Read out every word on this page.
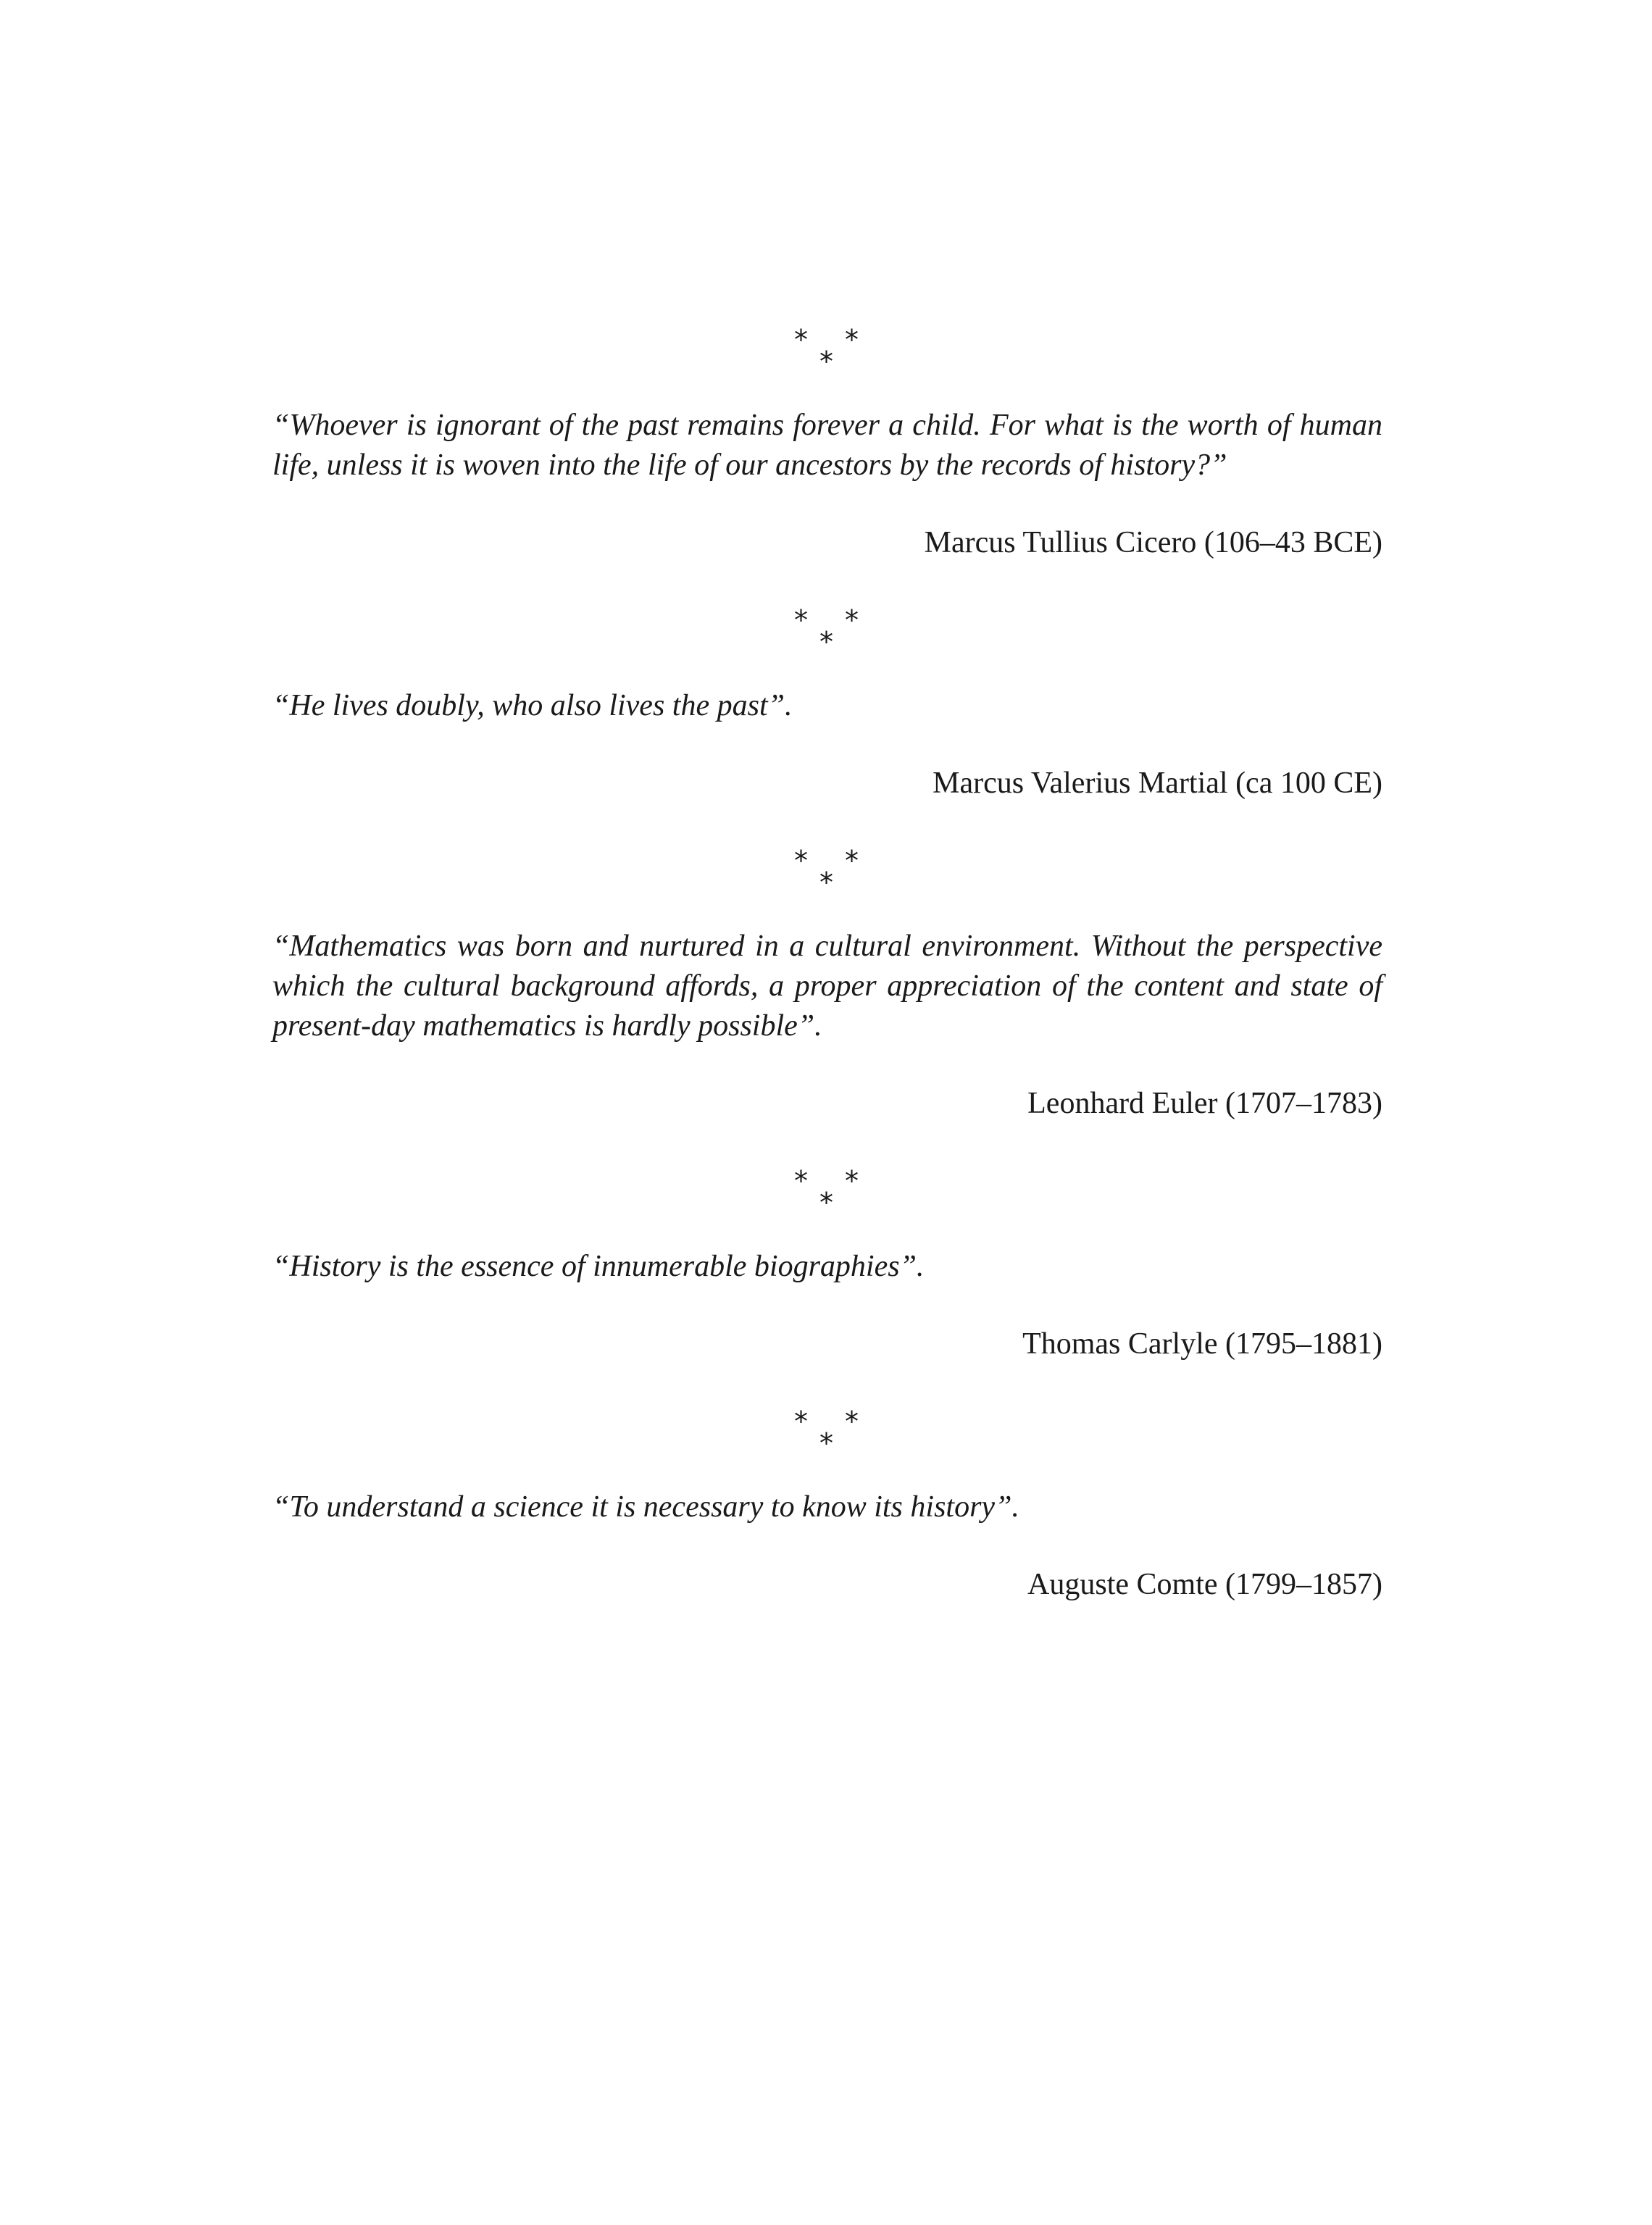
* *
*

“Whoever is ignorant of the past remains forever a child. For what is the worth of human life, unless it is woven into the life of our ancestors by the records of history?”

Marcus Tullius Cicero (106–43 BCE)

* *
*

“He lives doubly, who also lives the past”.

Marcus Valerius Martial (ca 100 CE)

* *
*

“Mathematics was born and nurtured in a cultural environment. Without the perspective which the cultural background affords, a proper appreciation of the content and state of present-day mathematics is hardly possible”.

Leonhard Euler (1707–1783)

* *
*

“History is the essence of innumerable biographies”.

Thomas Carlyle (1795–1881)

* *
*

“To understand a science it is necessary to know its history”.

Auguste Comte (1799–1857)
